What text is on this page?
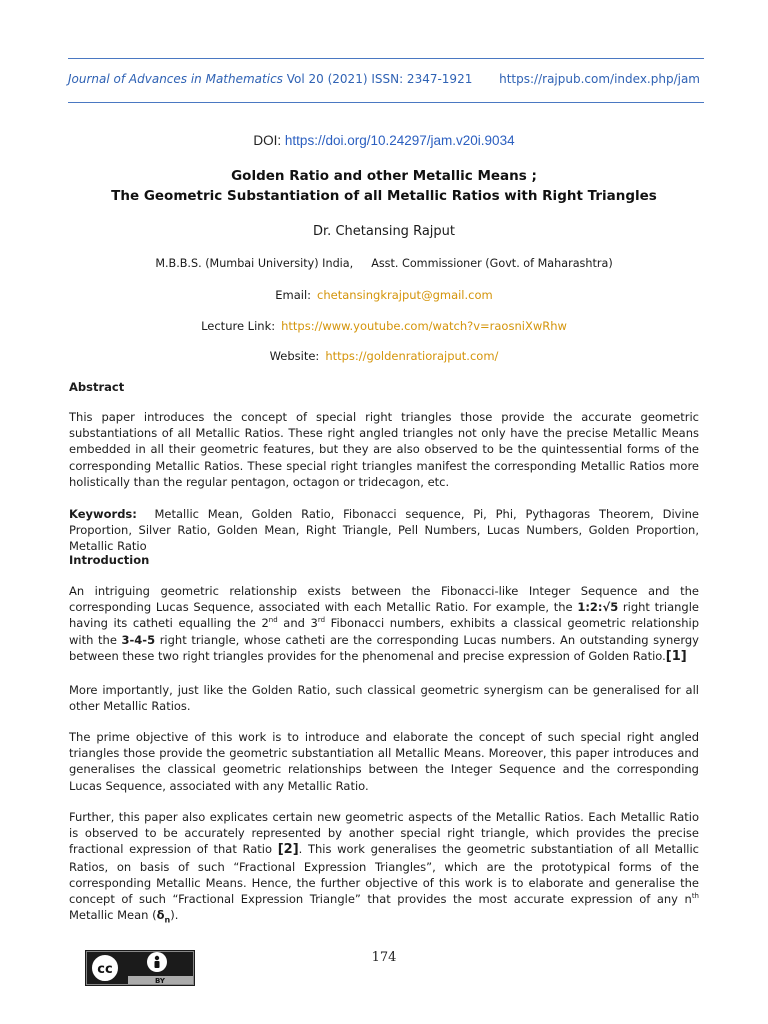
Journal of Advances in Mathematics Vol 20 (2021) ISSN: 2347-1921 https://rajpub.com/index.php/jam
DOI: https://doi.org/10.24297/jam.v20i.9034
Golden Ratio and other Metallic Means ;
The Geometric Substantiation of all Metallic Ratios with Right Triangles
Dr. Chetansing Rajput
M.B.B.S. (Mumbai University) India, Asst. Commissioner (Govt. of Maharashtra)
Email: chetansingkrajput@gmail.com
Lecture Link: https://www.youtube.com/watch?v=raosniXwRhw
Website: https://goldenratiorajput.com/
Abstract
This paper introduces the concept of special right triangles those provide the accurate geometric substantiations of all Metallic Ratios. These right angled triangles not only have the precise Metallic Means embedded in all their geometric features, but they are also observed to be the quintessential forms of the corresponding Metallic Ratios. These special right triangles manifest the corresponding Metallic Ratios more holistically than the regular pentagon, octagon or tridecagon, etc.
Keywords: Metallic Mean, Golden Ratio, Fibonacci sequence, Pi, Phi, Pythagoras Theorem, Divine Proportion, Silver Ratio, Golden Mean, Right Triangle, Pell Numbers, Lucas Numbers, Golden Proportion, Metallic Ratio
Introduction
An intriguing geometric relationship exists between the Fibonacci-like Integer Sequence and the corresponding Lucas Sequence, associated with each Metallic Ratio. For example, the 1:2:√5 right triangle having its catheti equalling the 2nd and 3rd Fibonacci numbers, exhibits a classical geometric relationship with the 3-4-5 right triangle, whose catheti are the corresponding Lucas numbers. An outstanding synergy between these two right triangles provides for the phenomenal and precise expression of Golden Ratio.[1]
More importantly, just like the Golden Ratio, such classical geometric synergism can be generalised for all other Metallic Ratios.
The prime objective of this work is to introduce and elaborate the concept of such special right angled triangles those provide the geometric substantiation all Metallic Means. Moreover, this paper introduces and generalises the classical geometric relationships between the Integer Sequence and the corresponding Lucas Sequence, associated with any Metallic Ratio.
Further, this paper also explicates certain new geometric aspects of the Metallic Ratios. Each Metallic Ratio is observed to be accurately represented by another special right triangle, which provides the precise fractional expression of that Ratio [2]. This work generalises the geometric substantiation of all Metallic Ratios, on basis of such “Fractional Expression Triangles”, which are the prototypical forms of the corresponding Metallic Means. Hence, the further objective of this work is to elaborate and generalise the concept of such “Fractional Expression Triangle” that provides the most accurate expression of any $n^{th}$ Metallic Mean $(\delta_n)$.
174
cc
BY
